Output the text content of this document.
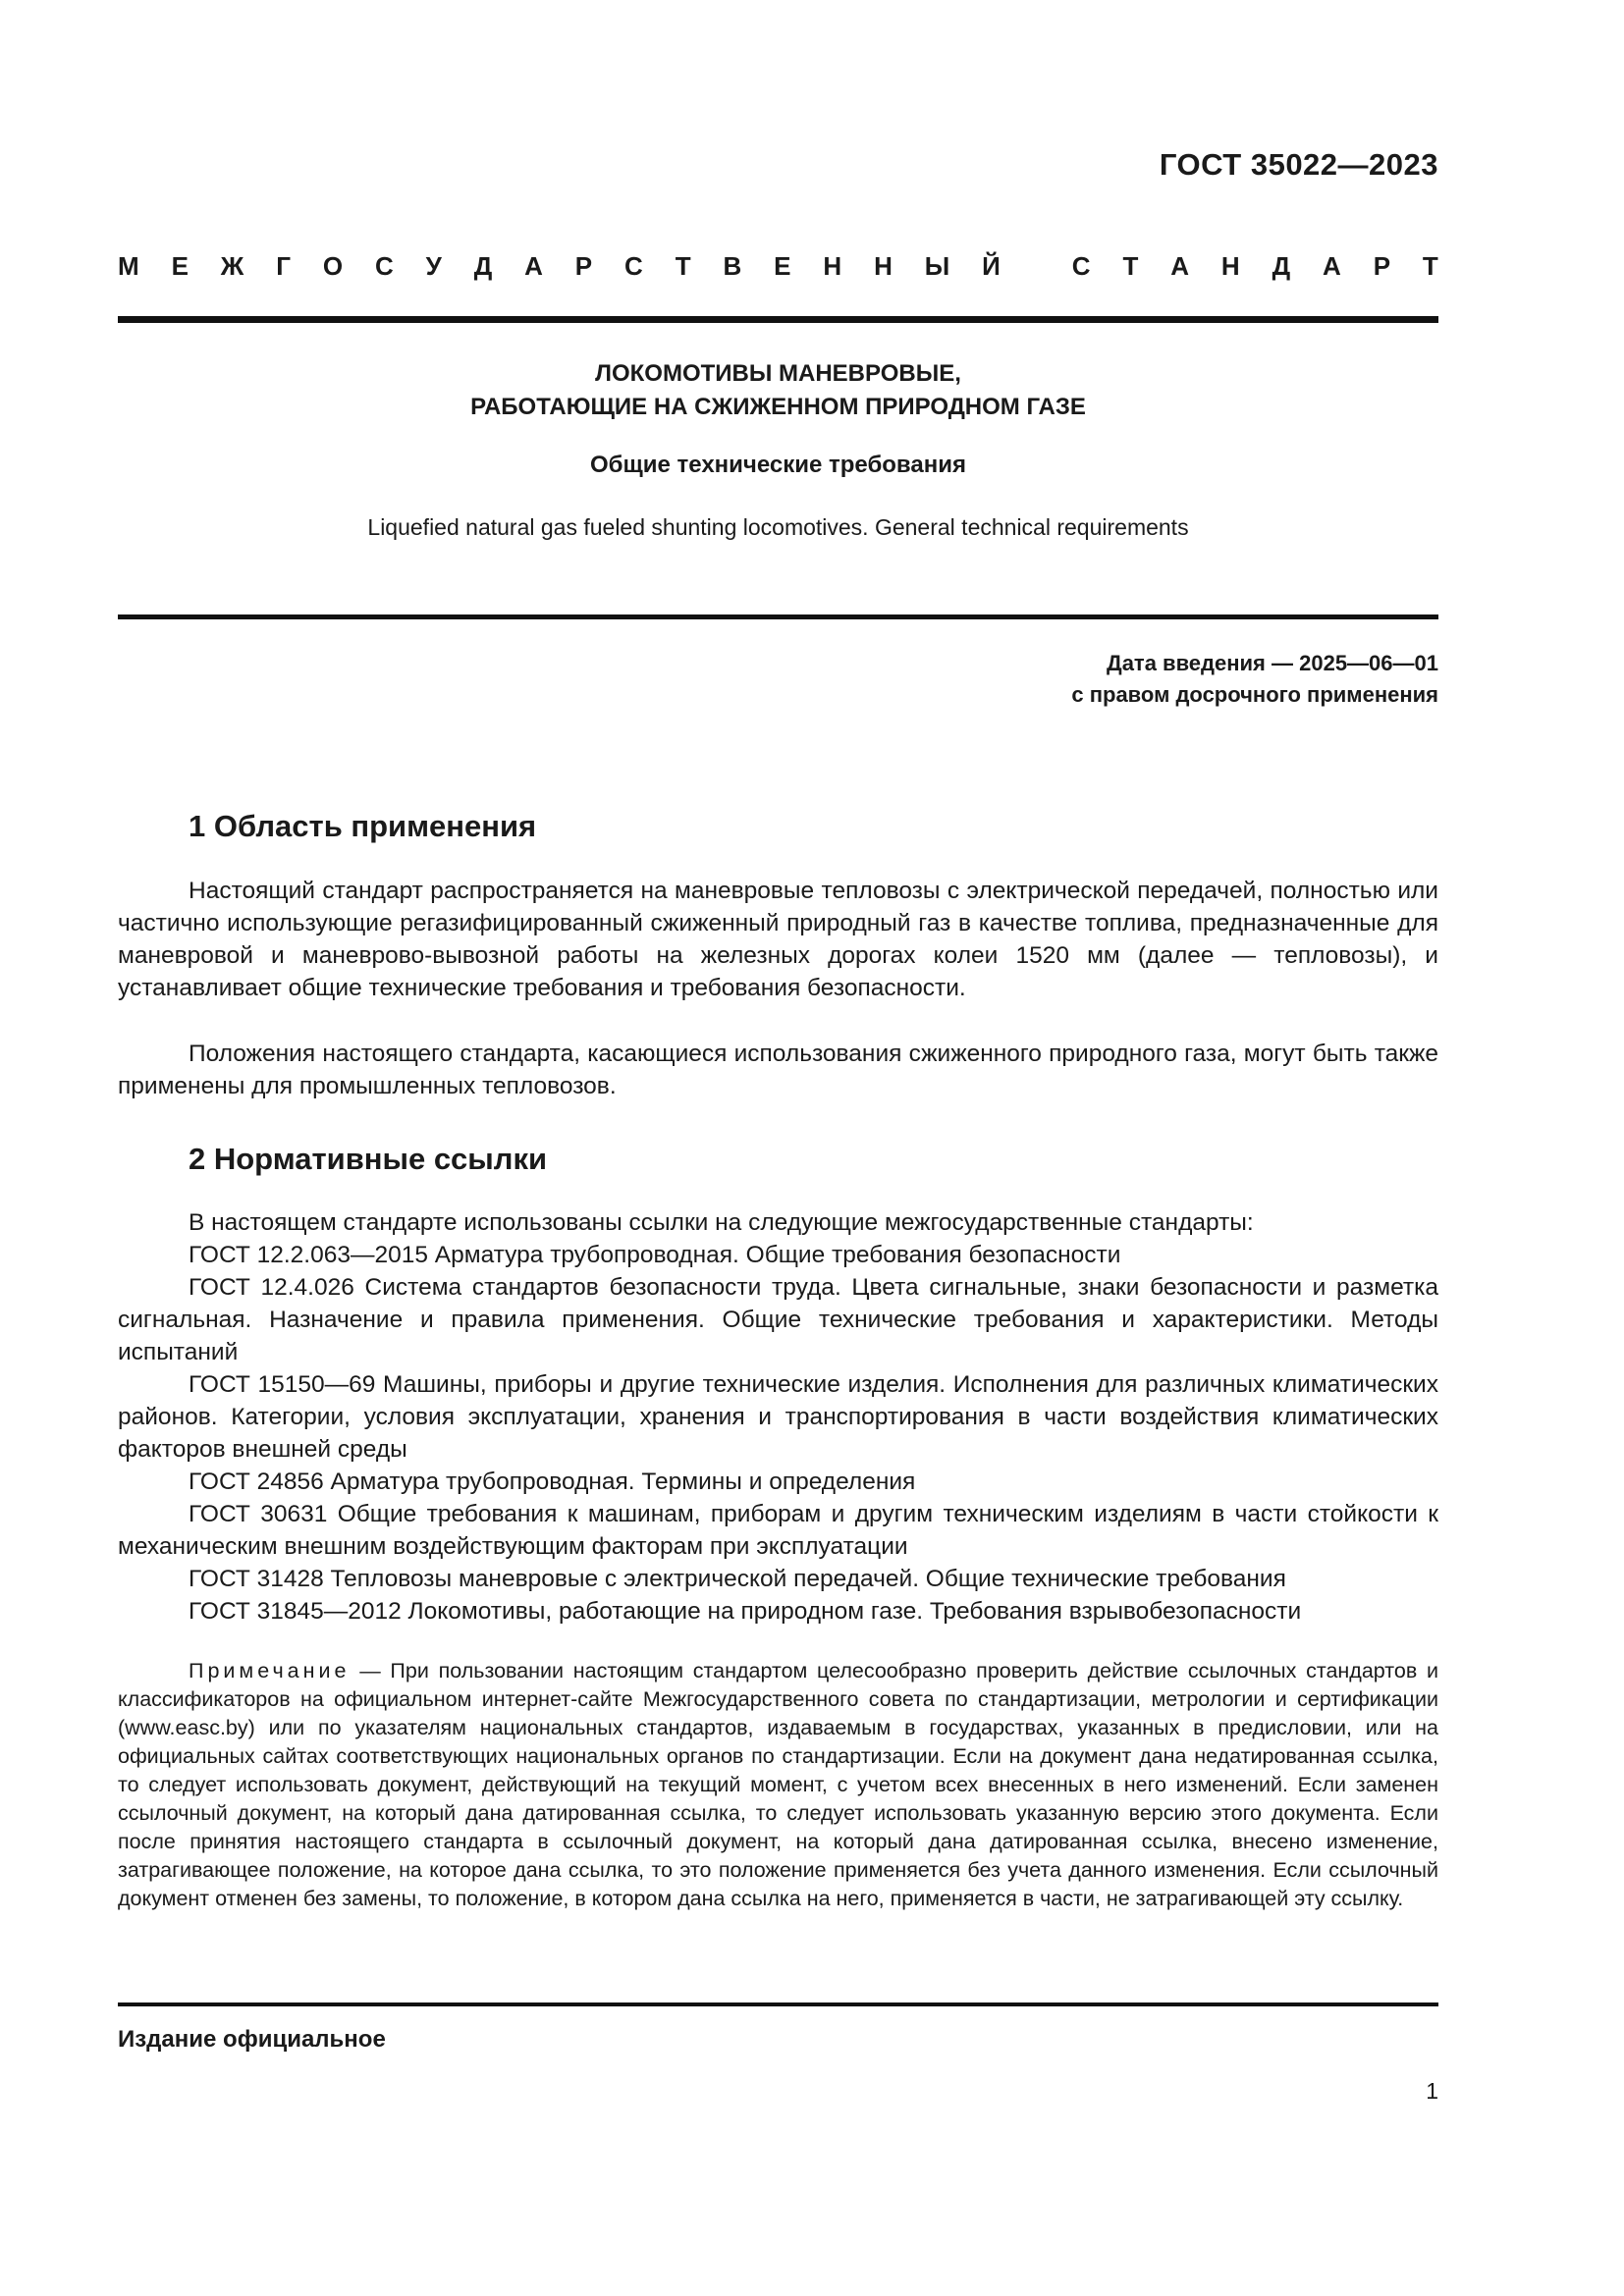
ГОСТ 35022—2023
М Е Ж Г О С У Д А Р С Т В Е Н Н Ы Й
	С Т А Н Д А Р Т
ЛОКОМОТИВЫ МАНЕВРОВЫЕ,
РАБОТАЮЩИЕ НА СЖИЖЕННОМ ПРИРОДНОМ ГАЗЕ
Общие технические требования
Liquefied natural gas fueled shunting locomotives. General technical requirements
Дата введения — 2025—06—01
с правом досрочного применения
1 Область применения
Настоящий стандарт распространяется на маневровые тепловозы с электрической передачей, полностью или частично использующие регазифицированный сжиженный природный газ в качестве топлива, предназначенные для маневровой и маневрово-вывозной работы на железных дорогах колеи 1520 мм (далее — тепловозы), и устанавливает общие технические требования и требования безопасности.
Положения настоящего стандарта, касающиеся использования сжиженного природного газа, могут быть также применены для промышленных тепловозов.
2 Нормативные ссылки
В настоящем стандарте использованы ссылки на следующие межгосударственные стандарты:
ГОСТ 12.2.063—2015 Арматура трубопроводная. Общие требования безопасности
ГОСТ 12.4.026 Система стандартов безопасности труда. Цвета сигнальные, знаки безопасности и разметка сигнальная. Назначение и правила применения. Общие технические требования и характеристики. Методы испытаний
ГОСТ 15150—69 Машины, приборы и другие технические изделия. Исполнения для различных климатических районов. Категории, условия эксплуатации, хранения и транспортирования в части воздействия климатических факторов внешней среды
ГОСТ 24856 Арматура трубопроводная. Термины и определения
ГОСТ 30631 Общие требования к машинам, приборам и другим техническим изделиям в части стойкости к механическим внешним воздействующим факторам при эксплуатации
ГОСТ 31428 Тепловозы маневровые с электрической передачей. Общие технические требования
ГОСТ 31845—2012 Локомотивы, работающие на природном газе. Требования взрывобезопасности
Примечание — При пользовании настоящим стандартом целесообразно проверить действие ссылочных стандартов и классификаторов на официальном интернет-сайте Межгосударственного совета по стандартизации, метрологии и сертификации (www.easc.by) или по указателям национальных стандартов, издаваемым в государствах, указанных в предисловии, или на официальных сайтах соответствующих национальных органов по стандартизации. Если на документ дана недатированная ссылка, то следует использовать документ, действующий на текущий момент, с учетом всех внесенных в него изменений. Если заменен ссылочный документ, на который дана датированная ссылка, то следует использовать указанную версию этого документа. Если после принятия настоящего стандарта в ссылочный документ, на который дана датированная ссылка, внесено изменение, затрагивающее положение, на которое дана ссылка, то это положение применяется без учета данного изменения. Если ссылочный документ отменен без замены, то положение, в котором дана ссылка на него, применяется в части, не затрагивающей эту ссылку.
Издание официальное
1
